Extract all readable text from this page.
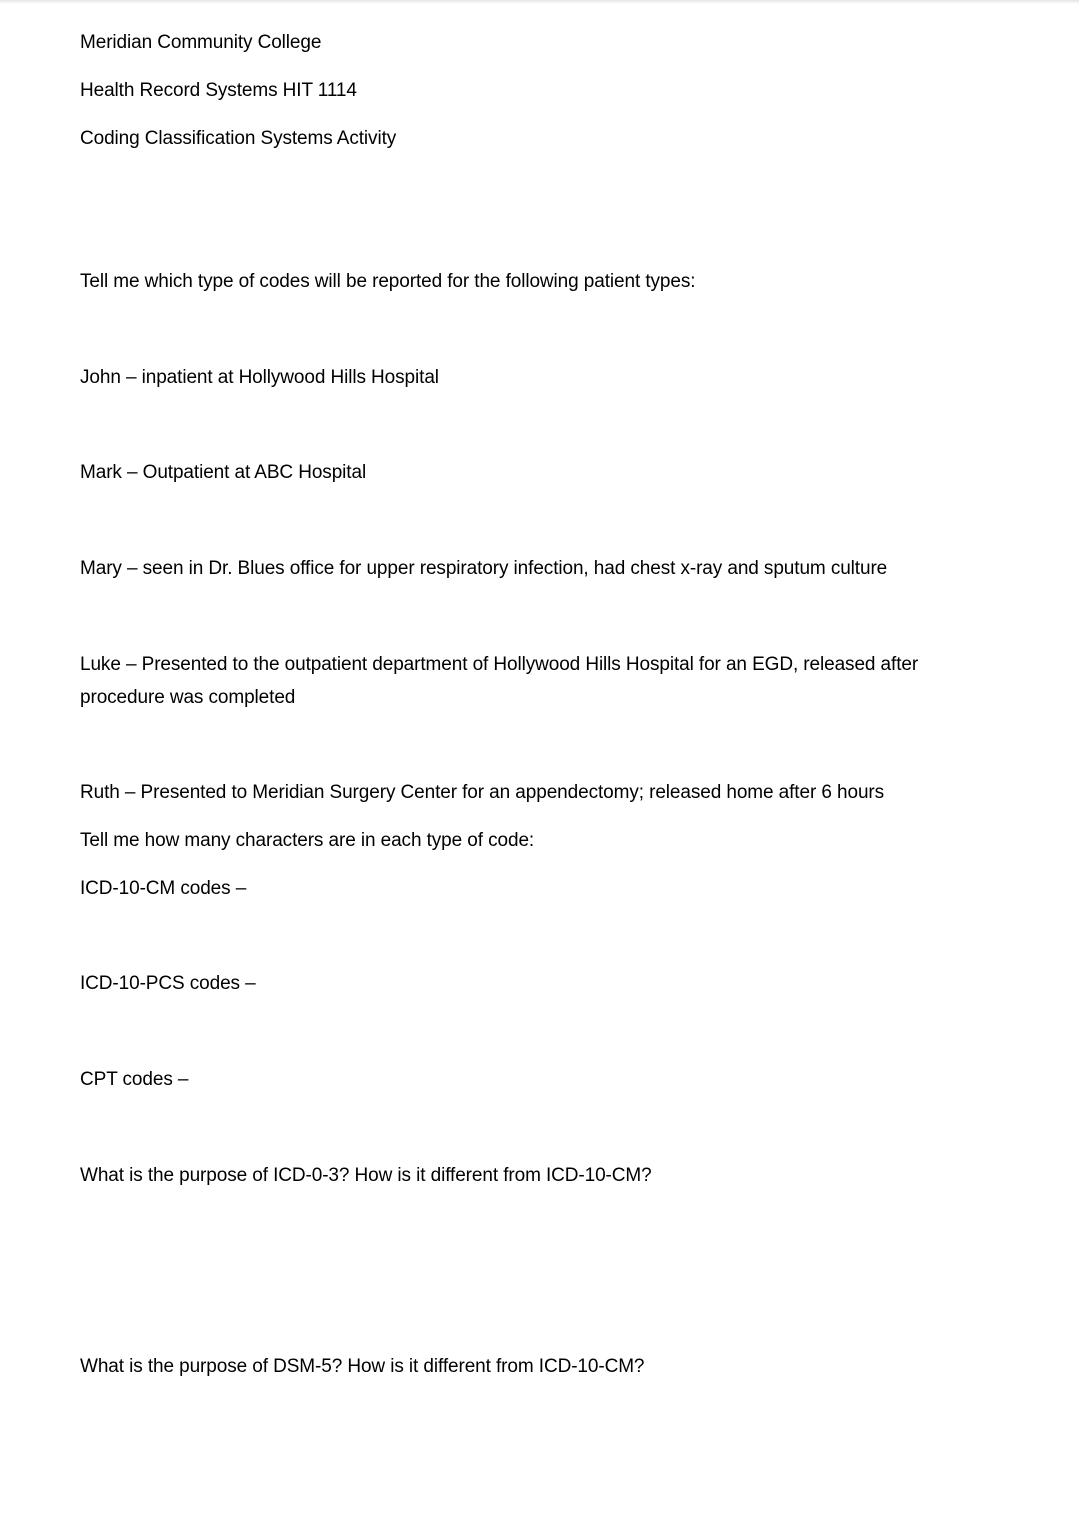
Meridian Community College
Health Record Systems HIT 1114
Coding Classification Systems Activity
Tell me which type of codes will be reported for the following patient types:
John – inpatient at Hollywood Hills Hospital
Mark – Outpatient at ABC Hospital
Mary – seen in Dr. Blues office for upper respiratory infection, had chest x-ray and sputum culture
Luke – Presented to the outpatient department of Hollywood Hills Hospital for an EGD, released after procedure was completed
Ruth – Presented to Meridian Surgery Center for an appendectomy; released home after 6 hours
Tell me how many characters are in each type of code:
ICD-10-CM codes –
ICD-10-PCS codes –
CPT codes –
What is the purpose of ICD-0-3? How is it different from ICD-10-CM?
What is the purpose of DSM-5? How is it different from ICD-10-CM?
